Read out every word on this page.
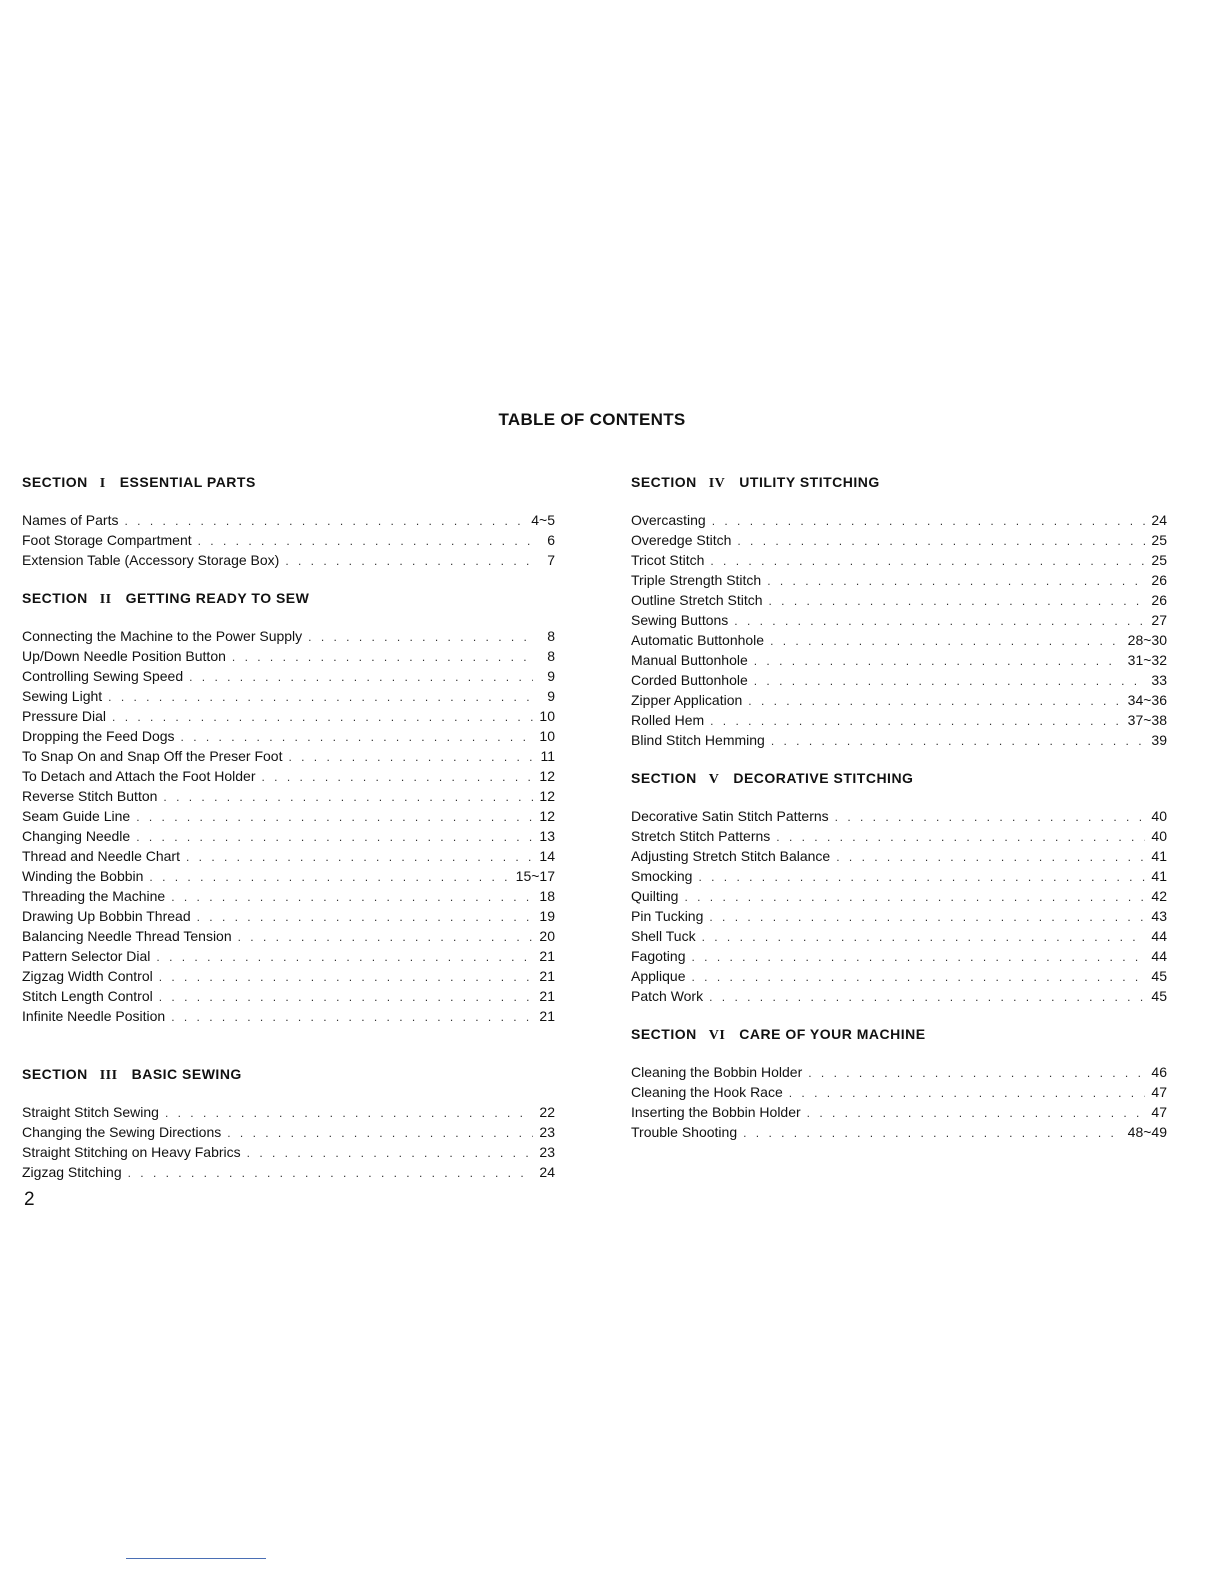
TABLE OF CONTENTS
SECTION I ESSENTIAL PARTS
Names of Parts . . .	4~5
Foot Storage Compartment . . .	6
Extension Table (Accessory Storage Box) . . .	7
SECTION II GETTING READY TO SEW
Connecting the Machine to the Power Supply . . .	8
Up/Down Needle Position Button . . .	8
Controlling Sewing Speed . . .	9
Sewing Light . . .	9
Pressure Dial . . .	10
Dropping the Feed Dogs . . .	10
To Snap On and Snap Off the Preser Foot . . .	11
To Detach and Attach the Foot Holder . . .	12
Reverse Stitch Button . . .	12
Seam Guide Line . . .	12
Changing Needle . . .	13
Thread and Needle Chart . . .	14
Winding the Bobbin . . .	15~17
Threading the Machine . . .	18
Drawing Up Bobbin Thread . . .	19
Balancing Needle Thread Tension . . .	20
Pattern Selector Dial . . .	21
Zigzag Width Control . . .	21
Stitch Length Control . . .	21
Infinite Needle Position . . .	21
SECTION III BASIC SEWING
Straight Stitch Sewing . . .	22
Changing the Sewing Directions . . .	23
Straight Stitching on Heavy Fabrics . . .	23
Zigzag Stitching . . .	24
SECTION IV UTILITY STITCHING
Overcasting . . .	24
Overedge Stitch . . .	25
Tricot Stitch . . .	25
Triple Strength Stitch . . .	26
Outline Stretch Stitch . . .	26
Sewing Buttons . . .	27
Automatic Buttonhole . . .	28~30
Manual Buttonhole . . .	31~32
Corded Buttonhole . . .	33
Zipper Application . . .	34~36
Rolled Hem . . .	37~38
Blind Stitch Hemming . . .	39
SECTION V DECORATIVE STITCHING
Decorative Satin Stitch Patterns . . .	40
Stretch Stitch Patterns . . .	40
Adjusting Stretch Stitch Balance . . .	41
Smocking . . .	41
Quilting . . .	42
Pin Tucking . . .	43
Shell Tuck . . .	44
Fagoting . . .	44
Applique . . .	45
Patch Work . . .	45
SECTION VI CARE OF YOUR MACHINE
Cleaning the Bobbin Holder . . .	46
Cleaning the Hook Race . . .	47
Inserting the Bobbin Holder . . .	47
Trouble Shooting . . .	48~49
2
